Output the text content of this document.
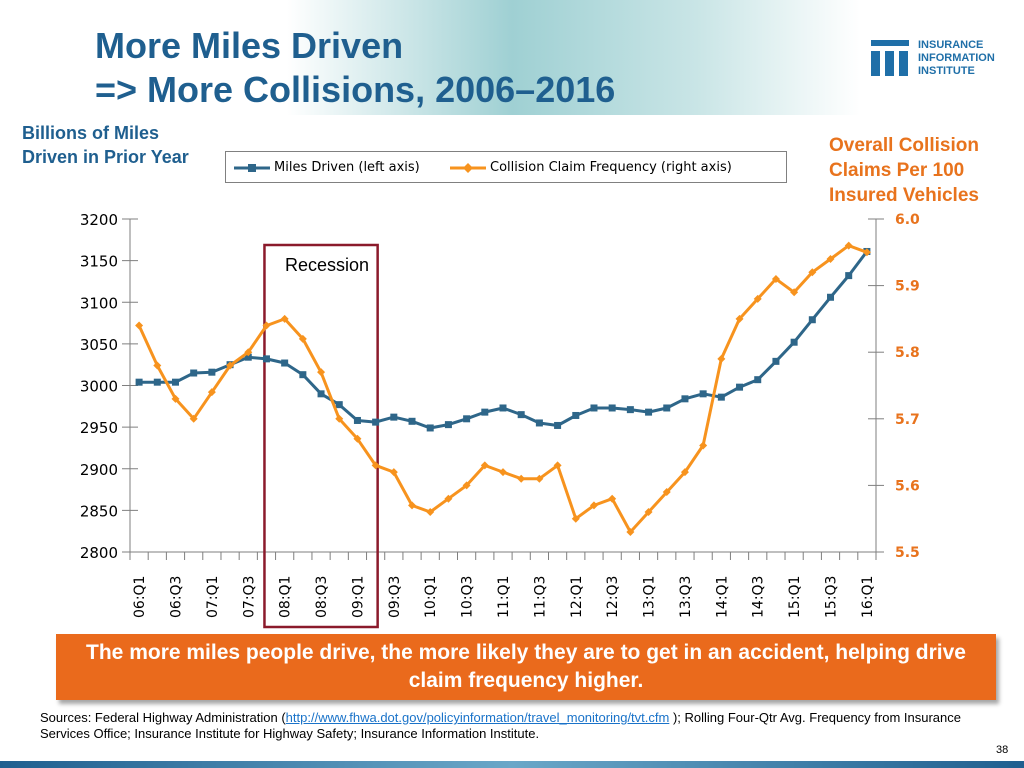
More Miles Driven
=> More Collisions, 2006–2016
INSURANCE
INFORMATION
INSTITUTE
Billions of Miles Driven in Prior Year
Overall Collision Claims Per 100 Insured Vehicles
Miles Driven (left axis)	Collision Claim Frequency (right axis)
2800
2850
2900
2950
3000
3050
3100
3150
3200
5.5
5.6
5.7
5.8
5.9
6.0
06:Q1 06:Q3 07:Q1 07:Q3 08:Q1 08:Q3 09:Q1 09:Q3 10:Q1 10:Q3 11:Q1 11:Q3 12:Q1 12:Q3 13:Q1 13:Q3 14:Q1 14:Q3 15:Q1 15:Q3 16:Q1
Recession
The more miles people drive, the more likely they are to get in an accident, helping drive claim frequency higher.
Sources: Federal Highway Administration (http://www.fhwa.dot.gov/policyinformation/travel_monitoring/tvt.cfm ); Rolling Four-Qtr Avg. Frequency from Insurance Services Office; Insurance Institute for Highway Safety; Insurance Information Institute.
38
